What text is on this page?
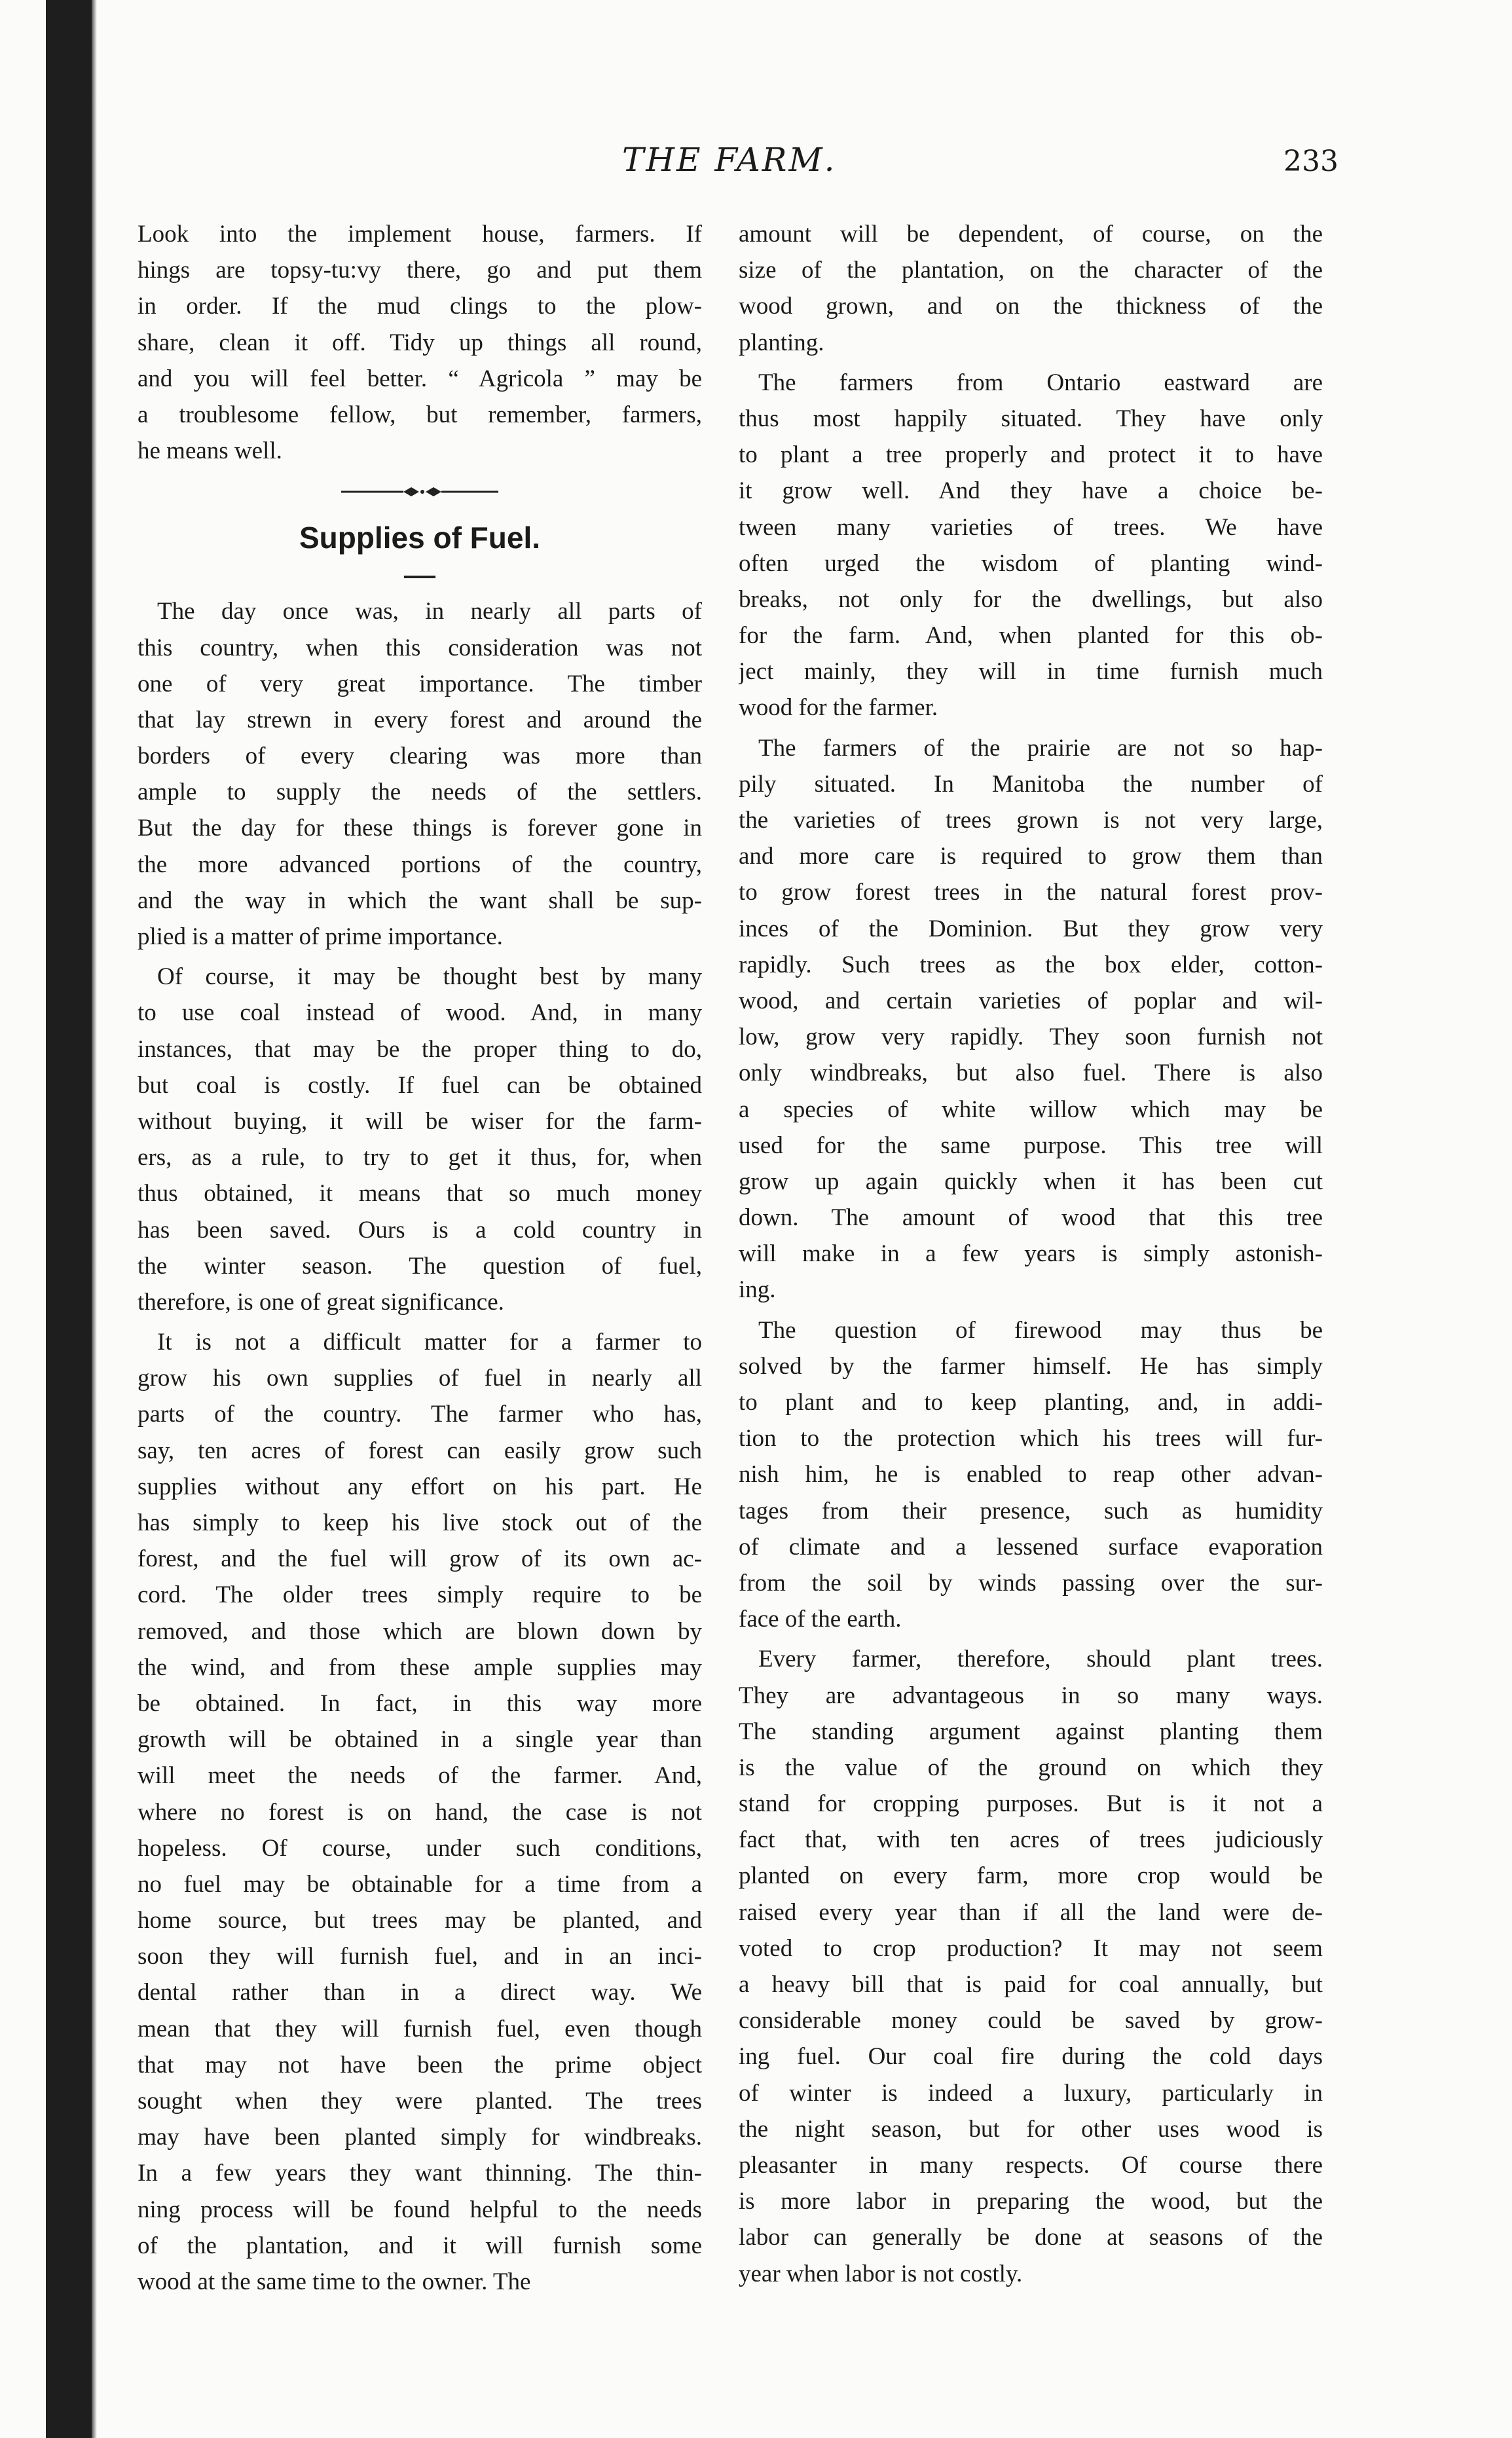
THE FARM.	233
Look into the implement house, farmers. If
hings are topsy-tu:vy there, go and put them
in order. If the mud clings to the plow-
share, clean it off. Tidy up things all round,
and you will feel better. “ Agricola ” may be
a troublesome fellow, but remember, farmers,
he means well.
Supplies of Fuel.
The day once was, in nearly all parts of
this country, when this consideration was not
one of very great importance. The timber
that lay strewn in every forest and around the
borders of every clearing was more than
ample to supply the needs of the settlers.
But the day for these things is forever gone in
the more advanced portions of the country,
and the way in which the want shall be sup-
plied is a matter of prime importance.
Of course, it may be thought best by many
to use coal instead of wood. And, in many
instances, that may be the proper thing to do,
but coal is costly. If fuel can be obtained
without buying, it will be wiser for the farm-
ers, as a rule, to try to get it thus, for, when
thus obtained, it means that so much money
has been saved. Ours is a cold country in
the winter season. The question of fuel,
therefore, is one of great significance.
It is not a difficult matter for a farmer to
grow his own supplies of fuel in nearly all
parts of the country. The farmer who has,
say, ten acres of forest can easily grow such
supplies without any effort on his part. He
has simply to keep his live stock out of the
forest, and the fuel will grow of its own ac-
cord. The older trees simply require to be
removed, and those which are blown down by
the wind, and from these ample supplies may
be obtained. In fact, in this way more
growth will be obtained in a single year than
will meet the needs of the farmer. And,
where no forest is on hand, the case is not
hopeless. Of course, under such conditions,
no fuel may be obtainable for a time from a
home source, but trees may be planted, and
soon they will furnish fuel, and in an inci-
dental rather than in a direct way. We
mean that they will furnish fuel, even though
that may not have been the prime object
sought when they were planted. The trees
may have been planted simply for windbreaks.
In a few years they want thinning. The thin-
ning process will be found helpful to the needs
of the plantation, and it will furnish some
wood at the same time to the owner. The
amount will be dependent, of course, on the
size of the plantation, on the character of the
wood grown, and on the thickness of the
planting.
The farmers from Ontario eastward are
thus most happily situated. They have only
to plant a tree properly and protect it to have
it grow well. And they have a choice be-
tween many varieties of trees. We have
often urged the wisdom of planting wind-
breaks, not only for the dwellings, but also
for the farm. And, when planted for this ob-
ject mainly, they will in time furnish much
wood for the farmer.
The farmers of the prairie are not so hap-
pily situated. In Manitoba the number of
the varieties of trees grown is not very large,
and more care is required to grow them than
to grow forest trees in the natural forest prov-
inces of the Dominion. But they grow very
rapidly. Such trees as the box elder, cotton-
wood, and certain varieties of poplar and wil-
low, grow very rapidly. They soon furnish not
only windbreaks, but also fuel. There is also
a species of white willow which may be
used for the same purpose. This tree will
grow up again quickly when it has been cut
down. The amount of wood that this tree
will make in a few years is simply astonish-
ing.
The question of firewood may thus be
solved by the farmer himself. He has simply
to plant and to keep planting, and, in addi-
tion to the protection which his trees will fur-
nish him, he is enabled to reap other advan-
tages from their presence, such as humidity
of climate and a lessened surface evaporation
from the soil by winds passing over the sur-
face of the earth.
Every farmer, therefore, should plant trees.
They are advantageous in so many ways.
The standing argument against planting them
is the value of the ground on which they
stand for cropping purposes. But is it not a
fact that, with ten acres of trees judiciously
planted on every farm, more crop would be
raised every year than if all the land were de-
voted to crop production? It may not seem
a heavy bill that is paid for coal annually, but
considerable money could be saved by grow-
ing fuel. Our coal fire during the cold days
of winter is indeed a luxury, particularly in
the night season, but for other uses wood is
pleasanter in many respects. Of course there
is more labor in preparing the wood, but the
labor can generally be done at seasons of the
year when labor is not costly.
